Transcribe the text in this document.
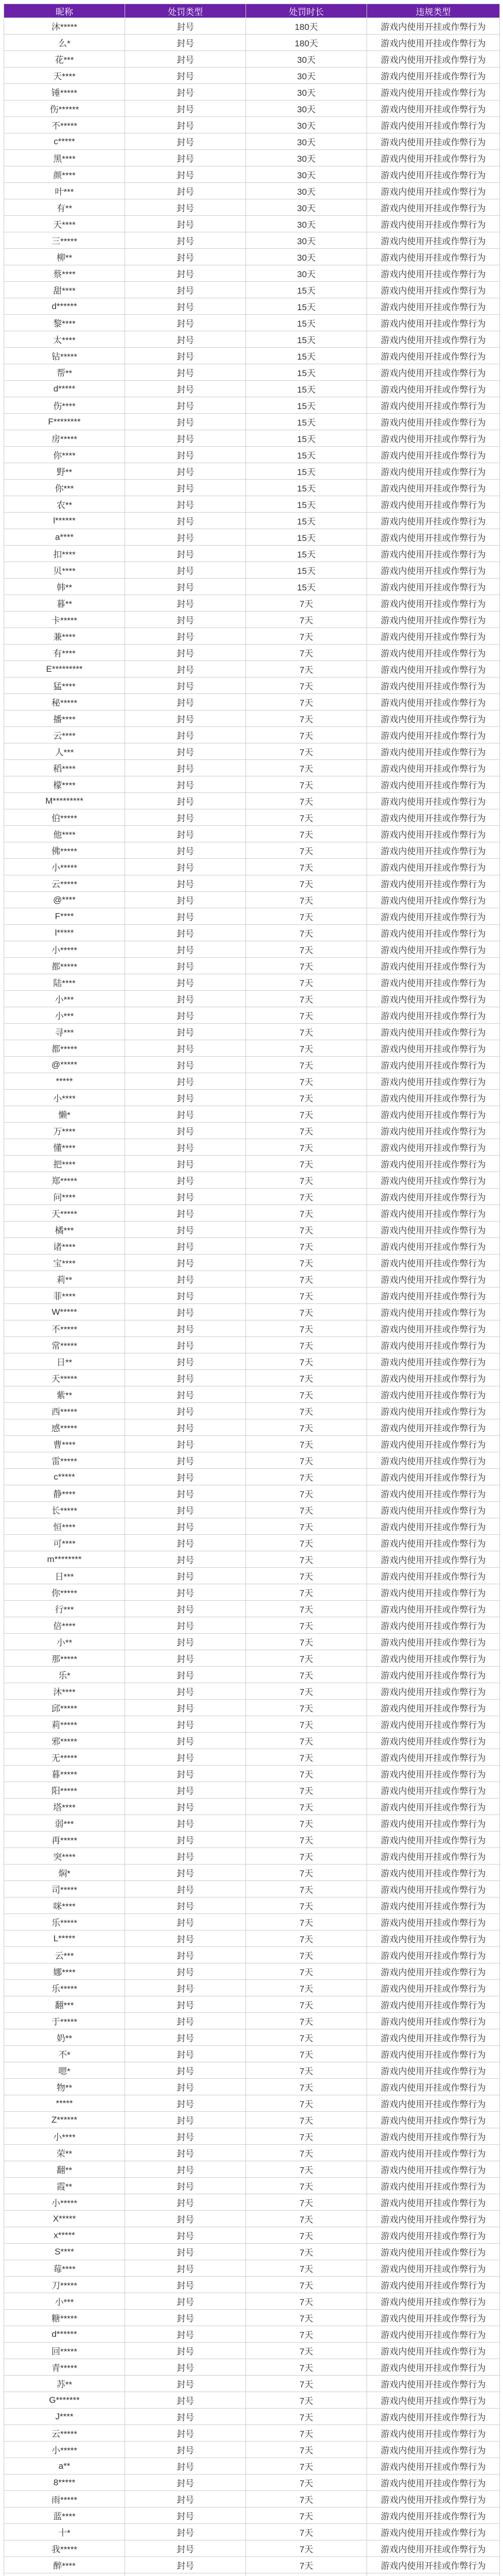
昵称	处罚类型	处罚时长	违规类型
沐*****	封号	180天	游戏内使用开挂或作弊行为
么*	封号	180天	游戏内使用开挂或作弊行为
花***	封号	30天	游戏内使用开挂或作弊行为
天****	封号	30天	游戏内使用开挂或作弊行为
锤*****	封号	30天	游戏内使用开挂或作弊行为
伤******	封号	30天	游戏内使用开挂或作弊行为
不*****	封号	30天	游戏内使用开挂或作弊行为
c*****	封号	30天	游戏内使用开挂或作弊行为
黑****	封号	30天	游戏内使用开挂或作弊行为
颜****	封号	30天	游戏内使用开挂或作弊行为
叶***	封号	30天	游戏内使用开挂或作弊行为
有**	封号	30天	游戏内使用开挂或作弊行为
天****	封号	30天	游戏内使用开挂或作弊行为
三*****	封号	30天	游戏内使用开挂或作弊行为
柳**	封号	30天	游戏内使用开挂或作弊行为
蔡****	封号	30天	游戏内使用开挂或作弊行为
甜****	封号	15天	游戏内使用开挂或作弊行为
d******	封号	15天	游戏内使用开挂或作弊行为
黎****	封号	15天	游戏内使用开挂或作弊行为
太****	封号	15天	游戏内使用开挂或作弊行为
钻*****	封号	15天	游戏内使用开挂或作弊行为
帮**	封号	15天	游戏内使用开挂或作弊行为
d*****	封号	15天	游戏内使用开挂或作弊行为
伤****	封号	15天	游戏内使用开挂或作弊行为
F********	封号	15天	游戏内使用开挂或作弊行为
房*****	封号	15天	游戏内使用开挂或作弊行为
你****	封号	15天	游戏内使用开挂或作弊行为
野**	封号	15天	游戏内使用开挂或作弊行为
你***	封号	15天	游戏内使用开挂或作弊行为
农**	封号	15天	游戏内使用开挂或作弊行为
l******	封号	15天	游戏内使用开挂或作弊行为
a****	封号	15天	游戏内使用开挂或作弊行为
扣****	封号	15天	游戏内使用开挂或作弊行为
贝****	封号	15天	游戏内使用开挂或作弊行为
韩**	封号	15天	游戏内使用开挂或作弊行为
暮**	封号	7天	游戏内使用开挂或作弊行为
卡*****	封号	7天	游戏内使用开挂或作弊行为
兼****	封号	7天	游戏内使用开挂或作弊行为
有****	封号	7天	游戏内使用开挂或作弊行为
E*********	封号	7天	游戏内使用开挂或作弊行为
猛****	封号	7天	游戏内使用开挂或作弊行为
秘*****	封号	7天	游戏内使用开挂或作弊行为
播****	封号	7天	游戏内使用开挂或作弊行为
云****	封号	7天	游戏内使用开挂或作弊行为
人***	封号	7天	游戏内使用开挂或作弊行为
稻****	封号	7天	游戏内使用开挂或作弊行为
檬****	封号	7天	游戏内使用开挂或作弊行为
M*********	封号	7天	游戏内使用开挂或作弊行为
伯*****	封号	7天	游戏内使用开挂或作弊行为
他****	封号	7天	游戏内使用开挂或作弊行为
佛*****	封号	7天	游戏内使用开挂或作弊行为
小*****	封号	7天	游戏内使用开挂或作弊行为
云*****	封号	7天	游戏内使用开挂或作弊行为
@****	封号	7天	游戏内使用开挂或作弊行为
F****	封号	7天	游戏内使用开挂或作弊行为
l*****	封号	7天	游戏内使用开挂或作弊行为
小*****	封号	7天	游戏内使用开挂或作弊行为
都*****	封号	7天	游戏内使用开挂或作弊行为
陆****	封号	7天	游戏内使用开挂或作弊行为
小***	封号	7天	游戏内使用开挂或作弊行为
小***	封号	7天	游戏内使用开挂或作弊行为
寻***	封号	7天	游戏内使用开挂或作弊行为
都*****	封号	7天	游戏内使用开挂或作弊行为
@*****	封号	7天	游戏内使用开挂或作弊行为
*****	封号	7天	游戏内使用开挂或作弊行为
小****	封号	7天	游戏内使用开挂或作弊行为
懒*	封号	7天	游戏内使用开挂或作弊行为
万****	封号	7天	游戏内使用开挂或作弊行为
懂****	封号	7天	游戏内使用开挂或作弊行为
把****	封号	7天	游戏内使用开挂或作弊行为
郑*****	封号	7天	游戏内使用开挂或作弊行为
问****	封号	7天	游戏内使用开挂或作弊行为
天*****	封号	7天	游戏内使用开挂或作弊行为
橘***	封号	7天	游戏内使用开挂或作弊行为
诸****	封号	7天	游戏内使用开挂或作弊行为
宝****	封号	7天	游戏内使用开挂或作弊行为
莉**	封号	7天	游戏内使用开挂或作弊行为
菲****	封号	7天	游戏内使用开挂或作弊行为
W*****	封号	7天	游戏内使用开挂或作弊行为
不*****	封号	7天	游戏内使用开挂或作弊行为
常*****	封号	7天	游戏内使用开挂或作弊行为
日**	封号	7天	游戏内使用开挂或作弊行为
天*****	封号	7天	游戏内使用开挂或作弊行为
紫**	封号	7天	游戏内使用开挂或作弊行为
西*****	封号	7天	游戏内使用开挂或作弊行为
感*****	封号	7天	游戏内使用开挂或作弊行为
曹****	封号	7天	游戏内使用开挂或作弊行为
雷*****	封号	7天	游戏内使用开挂或作弊行为
c*****	封号	7天	游戏内使用开挂或作弊行为
静****	封号	7天	游戏内使用开挂或作弊行为
长*****	封号	7天	游戏内使用开挂或作弊行为
恒****	封号	7天	游戏内使用开挂或作弊行为
可****	封号	7天	游戏内使用开挂或作弊行为
m********	封号	7天	游戏内使用开挂或作弊行为
日***	封号	7天	游戏内使用开挂或作弊行为
你*****	封号	7天	游戏内使用开挂或作弊行为
行***	封号	7天	游戏内使用开挂或作弊行为
倍****	封号	7天	游戏内使用开挂或作弊行为
小**	封号	7天	游戏内使用开挂或作弊行为
那*****	封号	7天	游戏内使用开挂或作弊行为
乐*	封号	7天	游戏内使用开挂或作弊行为
沐****	封号	7天	游戏内使用开挂或作弊行为
邱*****	封号	7天	游戏内使用开挂或作弊行为
莉*****	封号	7天	游戏内使用开挂或作弊行为
邪*****	封号	7天	游戏内使用开挂或作弊行为
无*****	封号	7天	游戏内使用开挂或作弊行为
暮*****	封号	7天	游戏内使用开挂或作弊行为
阳*****	封号	7天	游戏内使用开挂或作弊行为
塔****	封号	7天	游戏内使用开挂或作弊行为
弱***	封号	7天	游戏内使用开挂或作弊行为
再*****	封号	7天	游戏内使用开挂或作弊行为
突****	封号	7天	游戏内使用开挂或作弊行为
焖*	封号	7天	游戏内使用开挂或作弊行为
司*****	封号	7天	游戏内使用开挂或作弊行为
咪****	封号	7天	游戏内使用开挂或作弊行为
乐*****	封号	7天	游戏内使用开挂或作弊行为
L*****	封号	7天	游戏内使用开挂或作弊行为
云***	封号	7天	游戏内使用开挂或作弊行为
娜****	封号	7天	游戏内使用开挂或作弊行为
乐*****	封号	7天	游戏内使用开挂或作弊行为
翻***	封号	7天	游戏内使用开挂或作弊行为
于*****	封号	7天	游戏内使用开挂或作弊行为
奶**	封号	7天	游戏内使用开挂或作弊行为
不*	封号	7天	游戏内使用开挂或作弊行为
嗯*	封号	7天	游戏内使用开挂或作弊行为
物**	封号	7天	游戏内使用开挂或作弊行为
*****	封号	7天	游戏内使用开挂或作弊行为
Z******	封号	7天	游戏内使用开挂或作弊行为
小****	封号	7天	游戏内使用开挂或作弊行为
荣**	封号	7天	游戏内使用开挂或作弊行为
翻**	封号	7天	游戏内使用开挂或作弊行为
霞**	封号	7天	游戏内使用开挂或作弊行为
小*****	封号	7天	游戏内使用开挂或作弊行为
X*****	封号	7天	游戏内使用开挂或作弊行为
x*****	封号	7天	游戏内使用开挂或作弊行为
S****	封号	7天	游戏内使用开挂或作弊行为
莓****	封号	7天	游戏内使用开挂或作弊行为
刀*****	封号	7天	游戏内使用开挂或作弊行为
小***	封号	7天	游戏内使用开挂或作弊行为
糖*****	封号	7天	游戏内使用开挂或作弊行为
d******	封号	7天	游戏内使用开挂或作弊行为
回*****	封号	7天	游戏内使用开挂或作弊行为
青*****	封号	7天	游戏内使用开挂或作弊行为
苏**	封号	7天	游戏内使用开挂或作弊行为
G*******	封号	7天	游戏内使用开挂或作弊行为
J****	封号	7天	游戏内使用开挂或作弊行为
云*****	封号	7天	游戏内使用开挂或作弊行为
小*****	封号	7天	游戏内使用开挂或作弊行为
a**	封号	7天	游戏内使用开挂或作弊行为
8*****	封号	7天	游戏内使用开挂或作弊行为
雨*****	封号	7天	游戏内使用开挂或作弊行为
蓝****	封号	7天	游戏内使用开挂或作弊行为
十*	封号	7天	游戏内使用开挂或作弊行为
我*****	封号	7天	游戏内使用开挂或作弊行为
醉****	封号	7天	游戏内使用开挂或作弊行为
